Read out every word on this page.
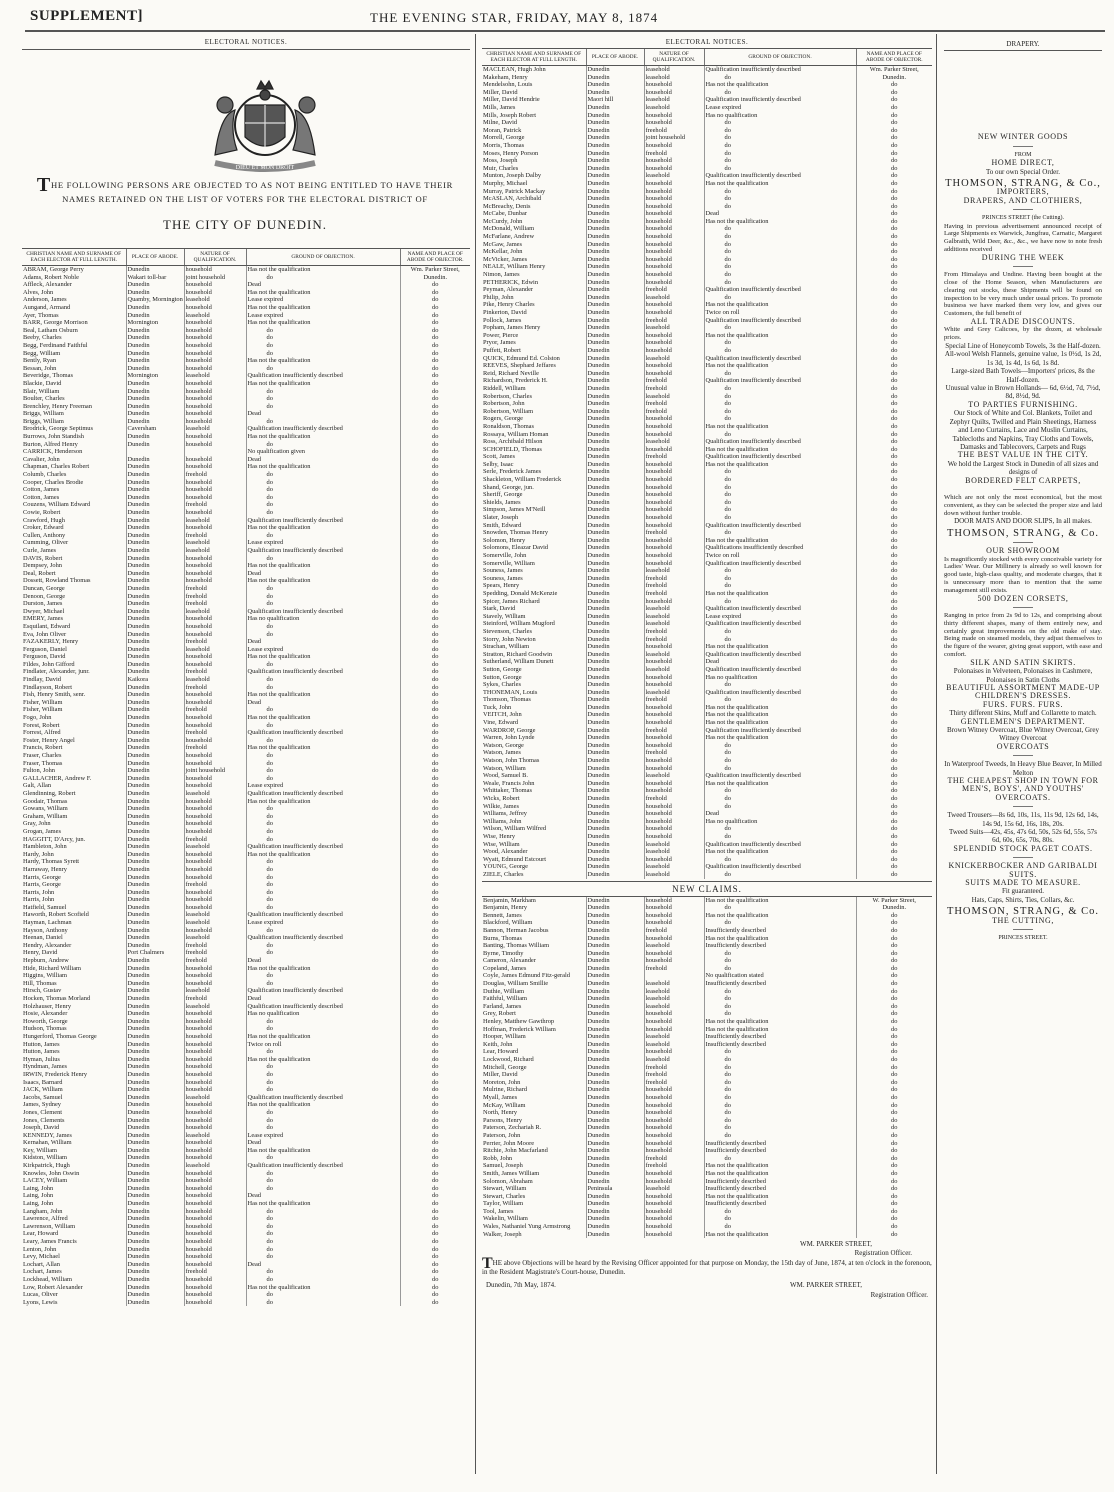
SUPPLEMENT]	THE EVENING STAR, FRIDAY, MAY 8, 1874
ELECTORAL NOTICES.
DIEU ET MON DROIT
THE FOLLOWING PERSONS ARE OBJECTED TO AS NOT BEING ENTITLED TO HAVE THEIR NAMES RETAINED ON THE LIST OF VOTERS FOR THE ELECTORAL DISTRICT OF
THE CITY OF DUNEDIN.
CHRISTIAN NAME AND SURNAME OF EACH ELECTOR AT FULL LENGTH.	PLACE OF ABODE.	NATURE OF QUALIFICATION.	GROUND OF OBJECTION.	NAME AND PLACE OF ABODE OF OBJECTOR.
ABRAM, George Perry	Dunedin	household	Has not the qualification	Wm. Parker Street,
Adams, Robert Noble	Wakari toll-bar	joint household	do	Dunedin.
Affleck, Alexander	Dunedin	household	Dead	do
Alves, John	Dunedin	household	Has not the qualification	do
Anderson, James	Quamby, Mornington	leasehold	Lease expired	do
Aungand, Armand	Dunedin	household	Has not the qualification	do
Ayer, Thomas	Dunedin	leasehold	Lease expired	do
BARR, George Morrison	Mornington	household	Has not the qualification	do
Beal, Latham Osburn	Dunedin	household	do	do
Beeby, Charles	Dunedin	household	do	do
Begg, Ferdinand Faithful	Dunedin	household	do	do
Begg, William	Dunedin	household	do	do
Bently, Ryan	Dunedin	household	Has not the qualification	do
Bessan, John	Dunedin	household	do	do
Beveridge, Thomas	Mornington	leasehold	Qualification insufficiently described	do
Blackie, David	Dunedin	household	Has not the qualification	do
Blair, William	Dunedin	household	do	do
Boulter, Charles	Dunedin	household	do	do
Brenchley, Henry Freeman	Dunedin	household	do	do
Briggs, William	Dunedin	household	Dead	do
Briggs, William	Dunedin	household	do	do
Brodrick, George Septimus	Caversham	leasehold	Qualification insufficiently described	do
Burrows, John Standish	Dunedin	household	Has not the qualification	do
Burton, Alfred Henry	Dunedin	household	do	do
CARRICK, Henderson			No qualification given	do
Cavalier, John	Dunedin	household	Dead	do
Chapman, Charles Robert	Dunedin	household	Has not the qualification	do
Columb, Charles	Dunedin	freehold	do	do
Cooper, Charles Brodie	Dunedin	household	do	do
Cotton, James	Dunedin	household	do	do
Cotton, James	Dunedin	household	do	do
Couzens, William Edward	Dunedin	freehold	do	do
Cowie, Robert	Dunedin	household	do	do
Crawford, Hugh	Dunedin	leasehold	Qualification insufficiently described	do
Croker, Edward	Dunedin	household	Has not the qualification	do
Cullen, Anthony	Dunedin	freehold	do	do
Cumming, Oliver	Dunedin	leasehold	Lease expired	do
Curle, James	Dunedin	leasehold	Qualification insufficiently described	do
DAVIS, Robert	Dunedin	household	do	do
Dempsey, John	Dunedin	household	Has not the qualification	do
Deal, Robert	Dunedin	household	Dead	do
Dossett, Rowland Thomas	Dunedin	household	Has not the qualification	do
Duncan, George	Dunedin	freehold	do	do
Denoon, George	Dunedin	freehold	do	do
Durston, James	Dunedin	freehold	do	do
Dwyer, Michael	Dunedin	leasehold	Qualification insufficiently described	do
EMERY, James	Dunedin	household	Has no qualification	do
Esquilant, Edward	Dunedin	household	do	do
Eva, John Oliver	Dunedin	household	do	do
FAZAKERLY, Henry	Dunedin	freehold	Dead	do
Ferguson, Daniel	Dunedin	leasehold	Lease expired	do
Ferguson, David	Dunedin	household	Has not the qualification	do
Fildes, John Gifford	Dunedin	household	do	do
Findlater, Alexander, junr.	Dunedin	freehold	Qualification insufficiently described	do
Findlay, David	Kaikora	leasehold	do	do
Findlayson, Robert	Dunedin	freehold	do	do
Fish, Henry Smith, senr.	Dunedin	household	Has not the qualification	do
Fisher, William	Dunedin	household	Dead	do
Fisher, William	Dunedin	freehold	do	do
Fogo, John	Dunedin	household	Has not the qualification	do
Forest, Robert	Dunedin	household	do	do
Forrest, Alfred	Dunedin	freehold	Qualification insufficiently described	do
Foster, Henry Angel	Dunedin	household	do	do
Francis, Robert	Dunedin	freehold	Has not the qualification	do
Fraser, Charles	Dunedin	household	do	do
Fraser, Thomas	Dunedin	household	do	do
Fulton, John	Dunedin	joint household	do	do
GALLACHER, Andrew F.	Dunedin	household	do	do
Galt, Allan	Dunedin	household	Lease expired	do
Glendinning, Robert	Dunedin	leasehold	Qualification insufficiently described	do
Goodair, Thomas	Dunedin	household	Has not the qualification	do
Gowans, William	Dunedin	household	do	do
Graham, William	Dunedin	household	do	do
Gray, John	Dunedin	household	do	do
Grogan, James	Dunedin	household	do	do
HAGGITT, D'Arcy, jun.	Dunedin	freehold	do	do
Hambleton, John	Dunedin	leasehold	Qualification insufficiently described	do
Hardy, John	Dunedin	household	Has not the qualification	do
Hardy, Thomas Syrett	Dunedin	household	do	do
Harraway, Henry	Dunedin	household	do	do
Harris, George	Dunedin	household	do	do
Harris, George	Dunedin	freehold	do	do
Harris, John	Dunedin	household	do	do
Harris, John	Dunedin	household	do	do
Hatfield, Samuel	Dunedin	household	do	do
Haworth, Robert Scofield	Dunedin	leasehold	Qualification insufficiently described	do
Hayman, Lachman	Dunedin	leasehold	Lease expired	do
Hayson, Anthony	Dunedin	household	do	do
Heenan, Daniel	Dunedin	leasehold	Qualification insufficiently described	do
Hendry, Alexander	Dunedin	freehold	do	do
Henry, David	Port Chalmers	freehold	do	do
Hepburn, Andrew	Dunedin	freehold	Dead	do
Hide, Richard William	Dunedin	household	Has not the qualification	do
Higgins, William	Dunedin	household	do	do
Hill, Thomas	Dunedin	household	do	do
Hirsch, Gustav	Dunedin	leasehold	Qualification insufficiently described	do
Hocken, Thomas Morland	Dunedin	freehold	Dead	do
Holzhauser, Henry	Dunedin	leasehold	Qualification insufficiently described	do
Hosie, Alexander	Dunedin	household	Has no qualification	do
Howorth, George	Dunedin	household	do	do
Hudson, Thomas	Dunedin	household	do	do
Hungerford, Thomas George	Dunedin	household	Has not the qualification	do
Hutton, James	Dunedin	household	Twice on roll	do
Hutton, James	Dunedin	household	do	do
Hyman, Julius	Dunedin	household	Has not the qualification	do
Hyndman, James	Dunedin	household	do	do
IRWIN, Frederick Henry	Dunedin	household	do	do
Isaacs, Barnard	Dunedin	household	do	do
JACK, William	Dunedin	household	do	do
Jacobs, Samuel	Dunedin	leasehold	Qualification insufficiently described	do
James, Sydney	Dunedin	household	Has not the qualification	do
Jones, Clement	Dunedin	household	do	do
Jones, Clements	Dunedin	household	do	do
Joseph, David	Dunedin	household	do	do
KENNEDY, James	Dunedin	leasehold	Lease expired	do
Kernahan, William	Dunedin	household	Dead	do
Key, William	Dunedin	household	Has not the qualification	do
Kidston, William	Dunedin	household	do	do
Kirkpatrick, Hugh	Dunedin	leasehold	Qualification insufficiently described	do
Knowles, John Oswin	Dunedin	household	do	do
LACEY, William	Dunedin	household	do	do
Laing, John	Dunedin	household	do	do
Laing, John	Dunedin	household	Dead	do
Laing, John	Dunedin	household	Has not the qualification	do
Langham, John	Dunedin	household	do	do
Lawrence, Alfred	Dunedin	household	do	do
Lawrenson, William	Dunedin	household	do	do
Lear, Howard	Dunedin	household	do	do
Leary, James Francis	Dunedin	household	do	do
Lenton, John	Dunedin	household	do	do
Levy, Michael	Dunedin	household	do	do
Lochart, Allan	Dunedin	household	Dead	do
Lochart, James	Dunedin	freehold	do	do
Lockhead, William	Dunedin	household	do	do
Low, Robert Alexander	Dunedin	household	Has not the qualification	do
Lucas, Oliver	Dunedin	household	do	do
Lyons, Lewis	Dunedin	household	do	do
ELECTORAL NOTICES.
CHRISTIAN NAME AND SURNAME OF EACH ELECTOR AT FULL LENGTH.	PLACE OF ABODE.	NATURE OF QUALIFICATION.	GROUND OF OBJECTION.	NAME AND PLACE OF ABODE OF OBJECTOR.
MACLEAN, Hugh John	Dunedin	leasehold	Qualification insufficiently described	Wm. Parker Street,
Makeham, Henry	Dunedin	leasehold	do	Dunedin.
Mendelsohn, Louis	Dunedin	household	Has not the qualification	do
Miller, David	Dunedin	household	do	do
Miller, David Hendrie	Maori hill	leasehold	Qualification insufficiently described	do
Mills, James	Dunedin	leasehold	Lease expired	do
Mills, Joseph Robert	Dunedin	household	Has no qualification	do
Milne, David	Dunedin	household	do	do
Moran, Patrick	Dunedin	freehold	do	do
Morrell, George	Dunedin	joint household	do	do
Morris, Thomas	Dunedin	household	do	do
Moses, Henry Porson	Dunedin	freehold	do	do
Moss, Joseph	Dunedin	household	do	do
Muir, Charles	Dunedin	household	do	do
Munton, Joseph Dalby	Dunedin	leasehold	Qualification insufficiently described	do
Murphy, Michael	Dunedin	household	Has not the qualification	do
Murray, Patrick Mackay	Dunedin	household	do	do
McASLAN, Archibald	Dunedin	household	do	do
McBreachy, Denis	Dunedin	household	do	do
McCabe, Dunbar	Dunedin	household	Dead	do
McCurdy, John	Dunedin	household	Has not the qualification	do
McDonald, William	Dunedin	household	do	do
McFarlane, Andrew	Dunedin	household	do	do
McGaw, James	Dunedin	household	do	do
McKellar, John	Dunedin	household	do	do
McVicker, James	Dunedin	household	do	do
NEALE, William Henry	Dunedin	household	do	do
Nimon, James	Dunedin	household	do	do
PETHERICK, Edwin	Dunedin	household	do	do
Peyman, Alexander	Dunedin	freehold	Qualification insufficiently described	do
Philip, John	Dunedin	leasehold	do	do
Pike, Henry Charles	Dunedin	household	Has not the qualification	do
Pinkerton, David	Dunedin	household	Twice on roll	do
Pollock, James	Dunedin	freehold	Qualification insufficiently described	do
Popham, James Henry	Dunedin	leasehold	do	do
Power, Pierce	Dunedin	household	Has not the qualification	do
Pryor, James	Dunedin	household	do	do
Puffett, Robert	Dunedin	household	do	do
QUICK, Edmund Ed. Colston	Dunedin	leasehold	Qualification insufficiently described	do
REEVES, Shephard Jeffares	Dunedin	household	Has not the qualification	do
Reid, Richard Neville	Dunedin	household	do	do
Richardson, Frederick H.	Dunedin	freehold	Qualification insufficiently described	do
Riddell, William	Dunedin	freehold	do	do
Robertson, Charles	Dunedin	leasehold	do	do
Robertson, John	Dunedin	freehold	do	do
Robertson, William	Dunedin	freehold	do	do
Rogers, George	Dunedin	household	do	do
Ronaldson, Thomas	Dunedin	household	Has not the qualification	do
Rossaya, William Homan	Dunedin	household	do	do
Ross, Archibald Hilson	Dunedin	leasehold	Qualification insufficiently described	do
SCHOFIELD, Thomas	Dunedin	household	Has not the qualification	do
Scott, James	Dunedin	freehold	Qualification insufficiently described	do
Selby, Isaac	Dunedin	household	Has not the qualification	do
Serle, Frederick James	Dunedin	household	do	do
Shackleton, William Frederick	Dunedin	household	do	do
Shand, George, jun.	Dunedin	household	do	do
Sheriff, George	Dunedin	household	do	do
Shields, James	Dunedin	household	do	do
Simpson, James M'Neill	Dunedin	household	do	do
Slater, Joseph	Dunedin	household	do	do
Smith, Edward	Dunedin	household	Qualification insufficiently described	do
Snowden, Thomas Henry	Dunedin	freehold	do	do
Solomon, Henry	Dunedin	household	Has not the qualification	do
Solomons, Eleazar David	Dunedin	household	Qualifications insufficiently described	do
Somerville, John	Dunedin	household	Twice on roll	do
Somerville, William	Dunedin	household	Qualification insufficiently described	do
Souness, James	Dunedin	leasehold	do	do
Souness, James	Dunedin	freehold	do	do
Spears, Henry	Dunedin	freehold	do	do
Spedding, Donald McKenzie	Dunedin	freehold	Has not the qualification	do
Spicer, James Richard	Dunedin	household	do	do
Stark, David	Dunedin	leasehold	Qualification insufficiently described	do
Stavely, William	Dunedin	leasehold	Lease expired	do
Steinford, William Mugford	Dunedin	leasehold	Qualification insufficiently described	do
Stevenson, Charles	Dunedin	freehold	do	do
Storry, John Newton	Dunedin	freehold	do	do
Strachan, William	Dunedin	household	Has not the qualification	do
Stratton, Richard Goodwin	Dunedin	leasehold	Qualification insufficiently described	do
Sutherland, William Dunett	Dunedin	household	Dead	do
Sutton, George	Dunedin	leasehold	Qualification insufficiently described	do
Sutton, George	Dunedin	household	Has no qualification	do
Sykes, Charles	Dunedin	household	do	do
THONEMAN, Louis	Dunedin	leasehold	Qualification insufficiently described	do
Thomson, Thomas	Dunedin	freehold	do	do
Tuck, John	Dunedin	household	Has not the qualification	do
VEITCH, John	Dunedin	household	Has not the qualification	do
Vine, Edward	Dunedin	household	Has not the qualification	do
WARDROP, George	Dunedin	freehold	Qualification insufficiently described	do
Warren, John Lynde	Dunedin	household	Has not the qualification	do
Watson, George	Dunedin	household	do	do
Watson, James	Dunedin	freehold	do	do
Watson, John Thomas	Dunedin	household	do	do
Watson, William	Dunedin	household	do	do
Wood, Samuel B.	Dunedin	leasehold	Qualification insufficiently described	do
Weale, Francis John	Dunedin	household	Has not the qualification	do
Whittaker, Thomas	Dunedin	household	do	do
Wicks, Robert	Dunedin	freehold	do	do
Wilkie, James	Dunedin	household	do	do
Williams, Jeffrey	Dunedin	household	Dead	do
Williams, John	Dunedin	household	Has no qualification	do
Wilson, William Wilfred	Dunedin	household	do	do
Wise, Henry	Dunedin	household	do	do
Wise, William	Dunedin	leasehold	Qualification insufficiently described	do
Wood, Alexander	Dunedin	leasehold	Has not the qualification	do
Wyatt, Edmund Estcourt	Dunedin	household	do	do
YOUNG, George	Dunedin	leasehold	Qualification insufficiently described	do
ZIELE, Charles	Dunedin	leasehold	do	do
NEW CLAIMS.
Benjamin, Markham	Dunedin	household	Has not the qualification	W. Parker Street,
Benjamin, Henry	Dunedin	household	do	Dunedin.
Bennett, James	Dunedin	household	Has not the qualification	do
Blackford, William	Dunedin	household	do	do
Bannon, Herman Jacobus	Dunedin	freehold	Insufficiently described	do
Burns, Thomas	Dunedin	household	Has not the qualification	do
Banting, Thomas William	Dunedin	leasehold	Insufficiently described	do
Byrne, Timothy	Dunedin	household	do	do
Cameron, Alexander	Dunedin	household	do	do
Copeland, James	Dunedin	freehold	do	do
Coyle, James Edmund Fitz-gerald	Dunedin		No qualification stated	do
Douglas, William Smillie	Dunedin	leasehold	Insufficiently described	do
Duthie, William	Dunedin	leasehold	do	do
Faithful, William	Dunedin	leasehold	do	do
Farland, James	Dunedin	leasehold	do	do
Grey, Robert	Dunedin	household	do	do
Henley, Matthew Gawthrop	Dunedin	household	Has not the qualification	do
Hoffman, Frederick William	Dunedin	household	Has not the qualification	do
Hooper, William	Dunedin	leasehold	Insufficiently described	do
Keith, John	Dunedin	leasehold	Insufficiently described	do
Lear, Howard	Dunedin	household	do	do
Lockwood, Richard	Dunedin	leasehold	do	do
Mitchell, George	Dunedin	freehold	do	do
Miller, David	Dunedin	freehold	do	do
Moreton, John	Dunedin	freehold	do	do
Mulrine, Richard	Dunedin	household	do	do
Myall, James	Dunedin	household	do	do
McKay, William	Dunedin	household	do	do
North, Henry	Dunedin	household	do	do
Parsons, Henry	Dunedin	household	do	do
Paterson, Zechariah R.	Dunedin	household	do	do
Paterson, John	Dunedin	household	do	do
Perrier, John Moore	Dunedin	household	Insufficiently described	do
Ritchie, John Macfarland	Dunedin	household	Insufficiently described	do
Robb, John	Dunedin	freehold	do	do
Samuel, Joseph	Dunedin	freehold	Has not the qualification	do
Smith, James William	Dunedin	household	Has not the qualification	do
Solomon, Abraham	Dunedin	household	Insufficiently described	do
Stewart, William	Peninsula	leasehold	Insufficiently described	do
Stewart, Charles	Dunedin	household	Has not the qualification	do
Taylor, William	Dunedin	household	Insufficiently described	do
Tool, James	Dunedin	household	do	do
Wakelin, William	Dunedin	household	do	do
Wales, Nathaniel Yung Armstrong	Dunedin	household	do	do
Walker, Joseph	Dunedin	household	Has not the qualification	do
WM. PARKER STREET,
Registration Officer.
THE above Objections will be heard by the Revising Officer appointed for that purpose on Monday, the 15th day of June, 1874, at ten o'clock in the forenoon, in the Resident Magistrate's Court-house, Dunedin.
Dunedin, 7th May, 1874.	WM. PARKER STREET,
Registration Officer.

DRAPERY.

NEW WINTER GOODS

FROM

HOME DIRECT,

To our own Special Order.

THOMSON, STRANG, & Co.,

IMPORTERS,

DRAPERS, AND CLOTHIERS,

PRINCES STREET (the Cutting).

Having in previous advertisement announced receipt of Large Shipments ex Warwick, Jungfrau, Carnatic, Margaret Galbraith, Wild Deer, &c., &c., we have now to note fresh additions received

DURING THE WEEK

From Himalaya and Undine. Having been bought at the close of the Home Season, when Manufacturers are clearing out stocks, these Shipments will be found on inspection to be very much under usual prices. To promote business we have marked them very low, and gives our Customers, the full benefit of

ALL TRADE DISCOUNTS.

White and Grey Calicoes, by the dozen, at wholesale prices.

Special Line of Honeycomb Towels, 3s the Half-dozen.

All-wool Welsh Flannels, genuine value, 1s 0½d, 1s 2d, 1s 3d, 1s 4d, 1s 6d, 1s 8d.

Large-sized Bath Towels—Importers' prices, 8s the Half-dozen.

Unusual value in Brown Hollands— 6d, 6½d, 7d, 7½d, 8d, 8½d, 9d.

TO PARTIES FURNISHING.

Our Stock of White and Col. Blankets, Toilet and Zephyr Quilts, Twilled and Plain Sheetings, Harness and Leno Curtains, Lace and Muslin Curtains, Tablecloths and Napkins, Tray Cloths and Towels, Damasks and Tablecovers, Carpets and Rugs

THE BEST VALUE IN THE CITY.

We hold the Largest Stock in Dunedin of all sizes and designs of

BORDERED FELT CARPETS,

Which are not only the most economical, but the most convenient, as they can be selected the proper size and laid down without further trouble.

DOOR MATS AND DOOR SLIPS, In all makes.

THOMSON, STRANG, & Co.

OUR SHOWROOM

Is magnificently stocked with every conceivable variety for Ladies' Wear. Our Millinery is already so well known for good taste, high-class quality, and moderate charges, that it is unnecessary more than to mention that the same management still exists.

500 DOZEN CORSETS,

Ranging in price from 2s 9d to 12s, and comprising about thirty different shapes, many of them entirely new, and certainly great improvements on the old make of stay. Being made on steamed models, they adjust themselves to the figure of the wearer, giving great support, with ease and comfort.

SILK AND SATIN SKIRTS.

Polonaises in Velveteen, Polonaises in Cashmere, Polonaises in Satin Cloths

BEAUTIFUL ASSORTMENT MADE-UP CHILDREN'S DRESSES.

FURS. FURS. FURS.

Thirty different Skins, Muff and Collarette to match.

GENTLEMEN'S DEPARTMENT.

Brown Witney Overcoat, Blue Witney Overcoat, Grey Witney Overcoat

OVERCOATS

In Waterproof Tweeds, In Heavy Blue Beaver, In Milled Melton

THE CHEAPEST SHOP IN TOWN FOR

MEN'S, BOYS', AND YOUTHS' OVERCOATS.

Tweed Trousers—8s 6d, 10s, 11s, 11s 9d, 12s 6d, 14s, 14s 9d, 15s 6d, 16s, 18s, 20s.

Tweed Suits—42s, 45s, 47s 6d, 50s, 52s 6d, 55s, 57s 6d, 60s, 65s, 70s, 80s.

SPLENDID STOCK PAGET COATS.

KNICKERBOCKER AND GARIBALDI SUITS.

SUITS MADE TO MEASURE.

Fit guaranteed.

Hats, Caps, Shirts, Ties, Collars, &c.

THOMSON, STRANG, & Co.

THE CUTTING,

PRINCES STREET.
